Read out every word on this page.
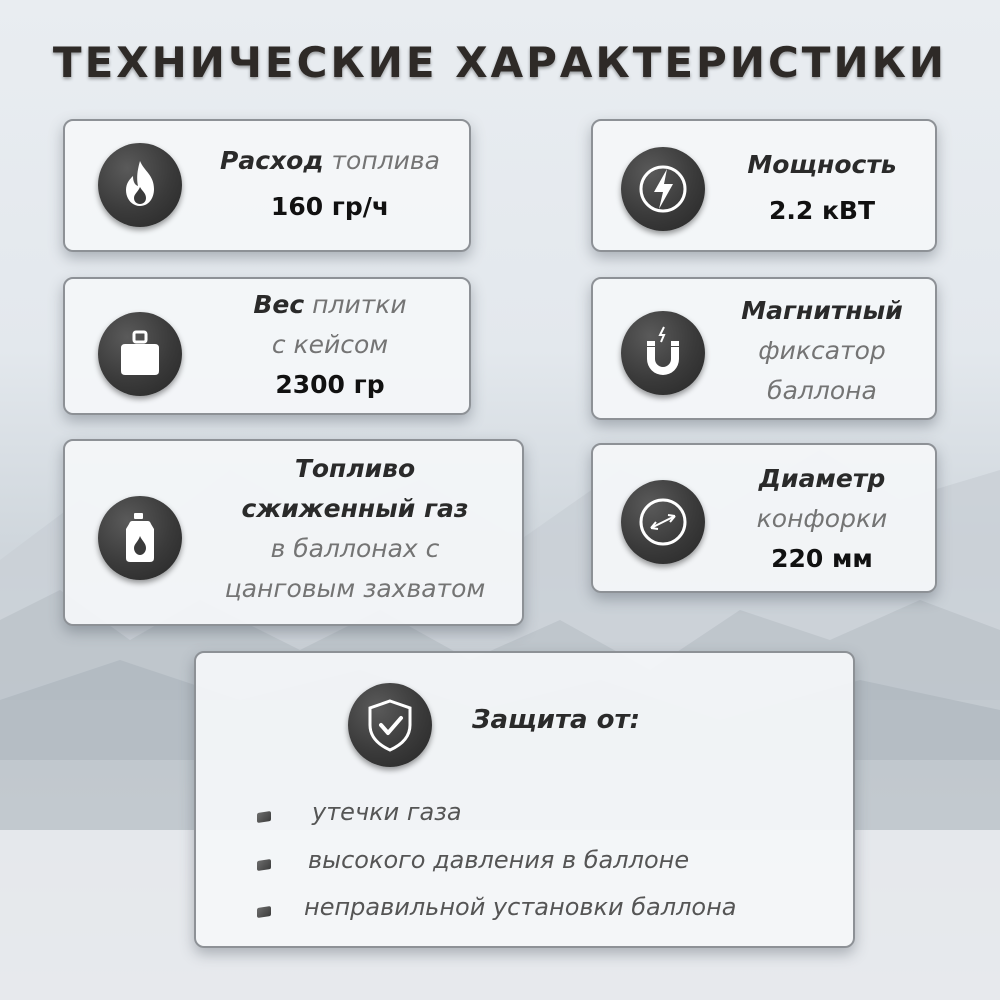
ТЕХНИЧЕСКИЕ ХАРАКТЕРИСТИКИ
Расход топлива
160 гр/ч
Мощность
2.2 кВТ
Вес плитки
с кейсом
2300 гр
Магнитный
фиксатор
баллона
Топливо
сжиженный газ
в баллонах с
цанговым захватом
Диаметр
конфорки
220 мм
Защита от:
утечки газа
высокого давления в баллоне
неправильной установки баллона
